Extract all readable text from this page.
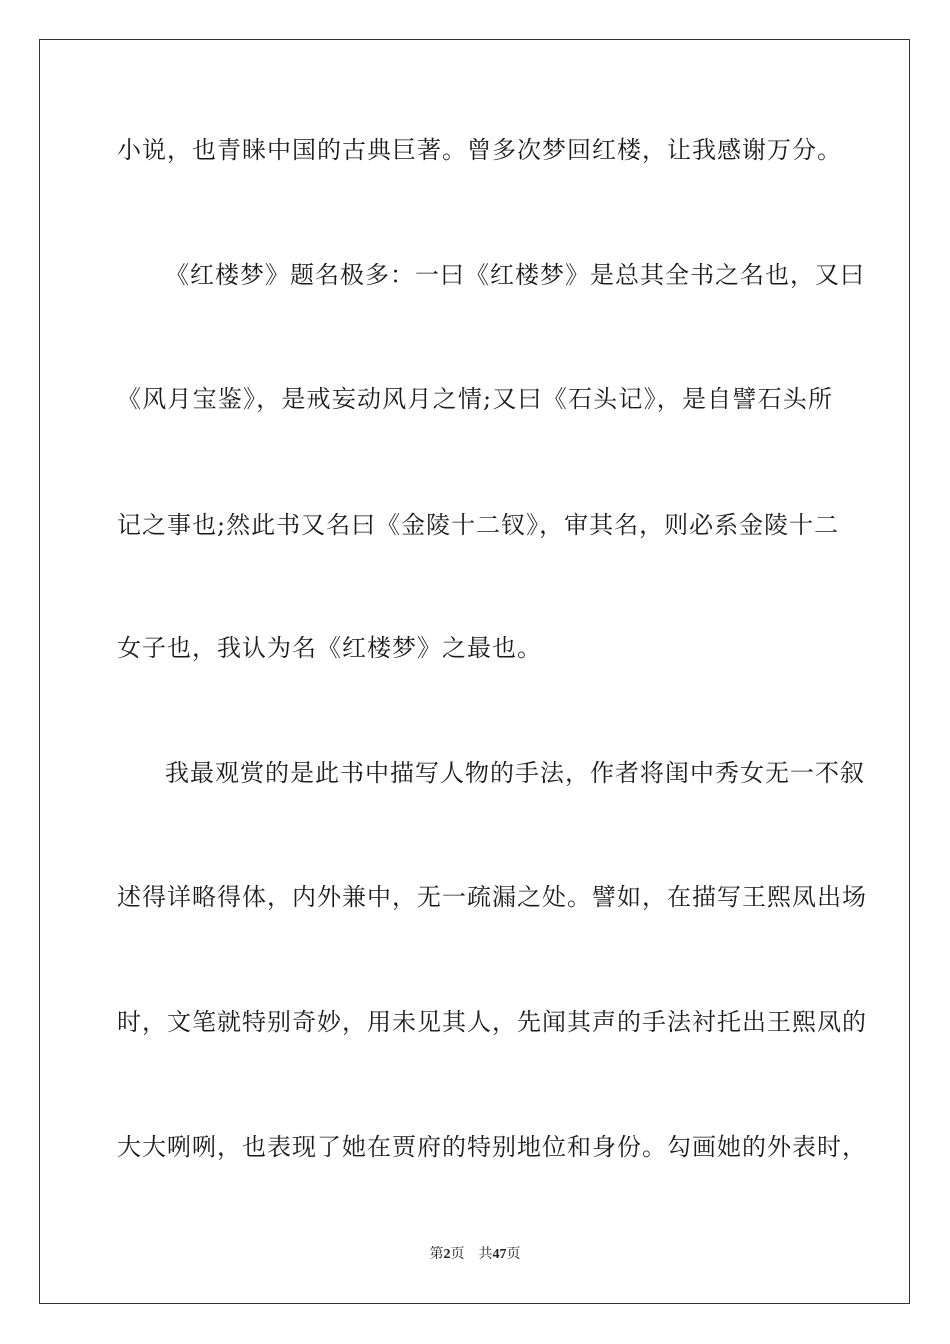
小说，也青睐中国的古典巨著。曾多次梦回红楼，让我感谢万分。
《红楼梦》题名极多：一曰《红楼梦》是总其全书之名也，又曰
《风月宝鉴》，是戒妄动风月之情;又曰《石头记》，是自譬石头所
记之事也;然此书又名曰《金陵十二钗》，审其名，则必系金陵十二
女子也，我认为名《红楼梦》之最也。
我最观赏的是此书中描写人物的手法，作者将闺中秀女无一不叙
述得详略得体，内外兼中，无一疏漏之处。譬如，在描写王熙凤出场
时，文笔就特别奇妙，用未见其人，先闻其声的手法衬托出王熙凤的
大大咧咧，也表现了她在贾府的特别地位和身份。勾画她的外表时，
第2页 共47页
